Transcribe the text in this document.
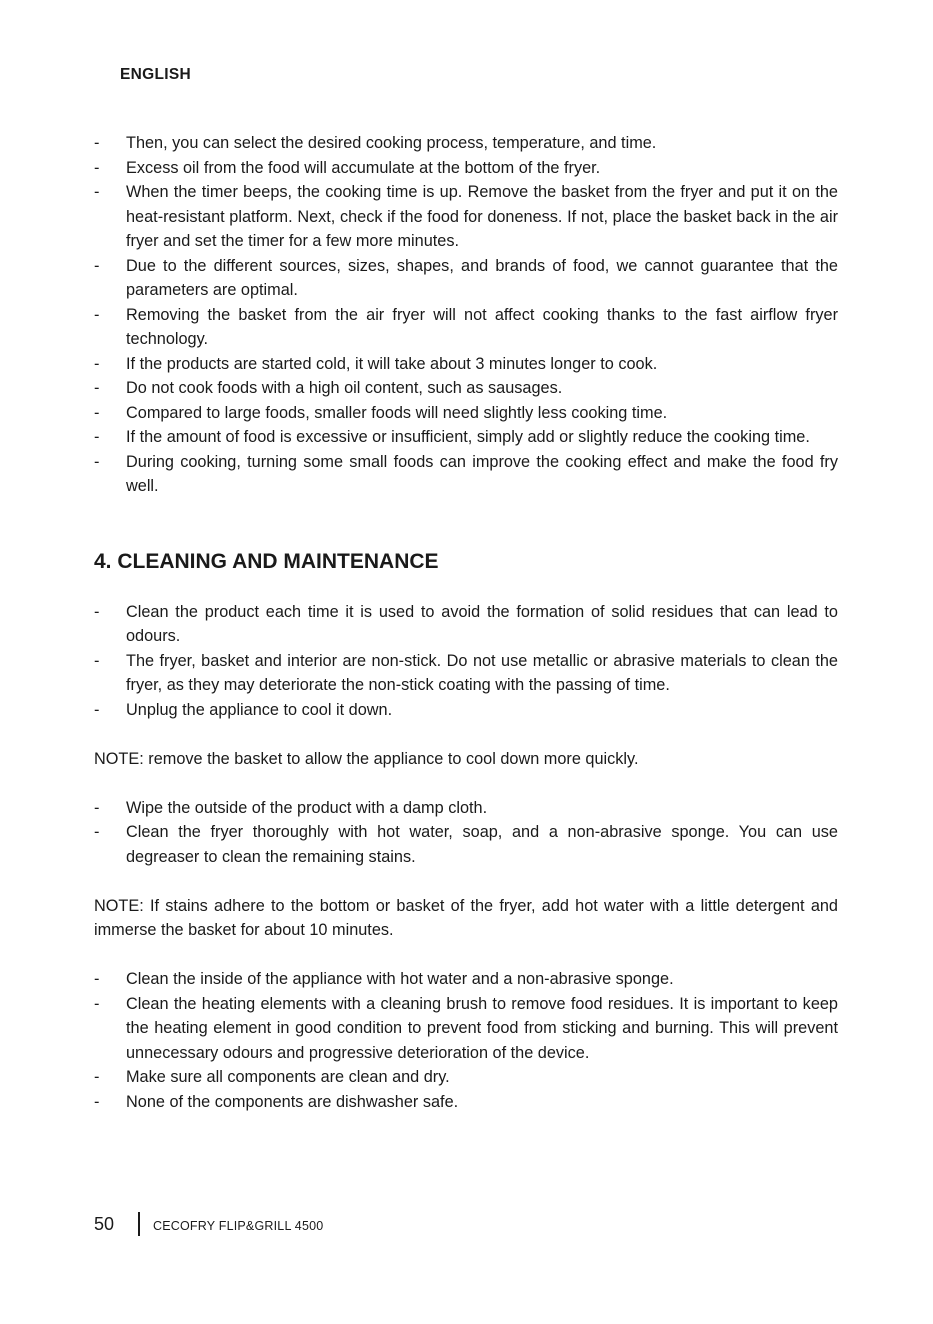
ENGLISH
- Then, you can select the desired cooking process, temperature, and time.
- Excess oil from the food will accumulate at the bottom of the fryer.
- When the timer beeps, the cooking time is up. Remove the basket from the fryer and put it on the heat-resistant platform. Next, check if the food for doneness. If not, place the basket back in the air fryer and set the timer for a few more minutes.
- Due to the different sources, sizes, shapes, and brands of food, we cannot guarantee that the parameters are optimal.
- Removing the basket from the air fryer will not affect cooking thanks to the fast airflow fryer technology.
- If the products are started cold, it will take about 3 minutes longer to cook.
- Do not cook foods with a high oil content, such as sausages.
- Compared to large foods, smaller foods will need slightly less cooking time.
- If the amount of food is excessive or insufficient, simply add or slightly reduce the cooking time.
- During cooking, turning some small foods can improve the cooking effect and make the food fry well.
4. CLEANING AND MAINTENANCE
- Clean the product each time it is used to avoid the formation of solid residues that can lead to odours.
- The fryer, basket and interior are non-stick. Do not use metallic or abrasive materials to clean the fryer, as they may deteriorate the non-stick coating with the passing of time.
- Unplug the appliance to cool it down.

NOTE: remove the basket to allow the appliance to cool down more quickly.

- Wipe the outside of the product with a damp cloth.
- Clean the fryer thoroughly with hot water, soap, and a non-abrasive sponge. You can use degreaser to clean the remaining stains.

NOTE: If stains adhere to the bottom or basket of the fryer, add hot water with a little detergent and immerse the basket for about 10 minutes.

- Clean the inside of the appliance with hot water and a non-abrasive sponge.
- Clean the heating elements with a cleaning brush to remove food residues. It is important to keep the heating element in good condition to prevent food from sticking and burning. This will prevent unnecessary odours and progressive deterioration of the device.
- Make sure all components are clean and dry.
- None of the components are dishwasher safe.
50	CECOFRY FLIP&GRILL 4500
